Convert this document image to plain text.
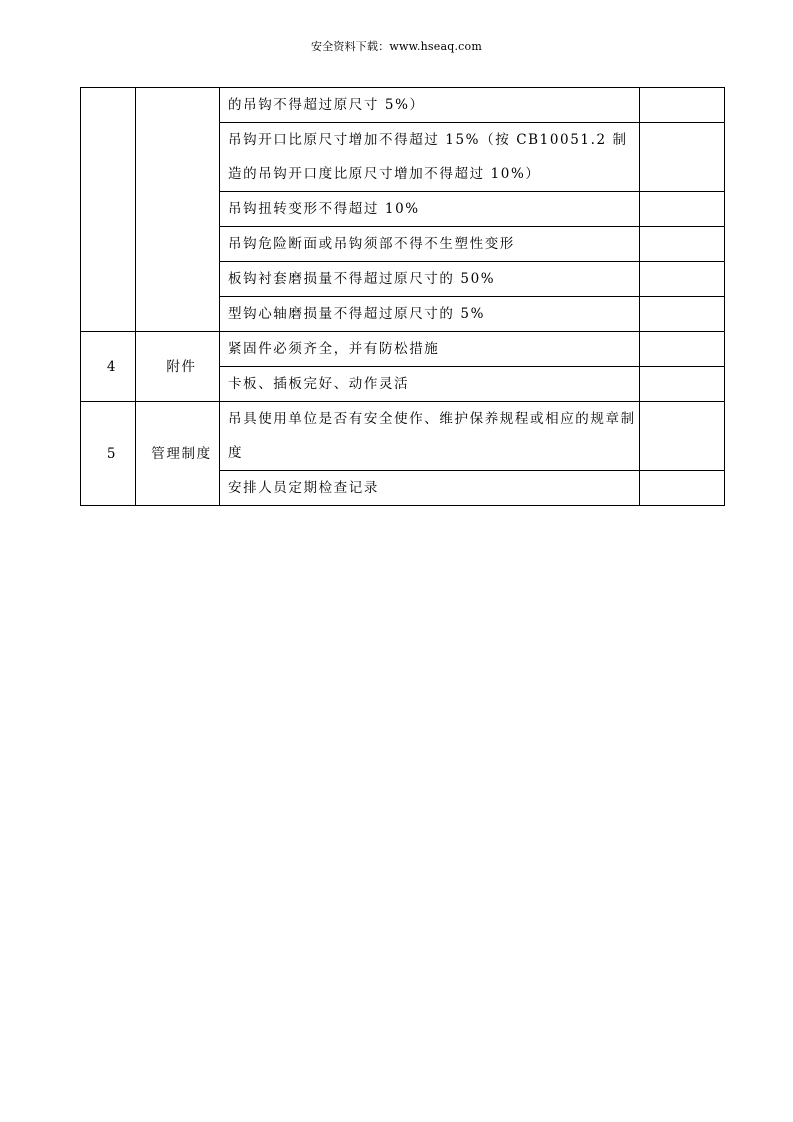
安全资料下载：www.hseaq.com
		的吊钩不得超过原尺寸 5%）	
		吊钩开口比原尺寸增加不得超过 15%（按 CB10051.2 制造的吊钩开口度比原尺寸增加不得超过 10%）	
		吊钩扭转变形不得超过 10%	
		吊钩危险断面或吊钩须部不得不生塑性变形	
		板钩衬套磨损量不得超过原尺寸的 50%	
		型钩心轴磨损量不得超过原尺寸的 5%	
4	附件	紧固件必须齐全，并有防松措施	
		卡板、插板完好、动作灵活	
5	管理制度	吊具使用单位是否有安全使作、维护保养规程或相应的规章制度	
		安排人员定期检查记录	
